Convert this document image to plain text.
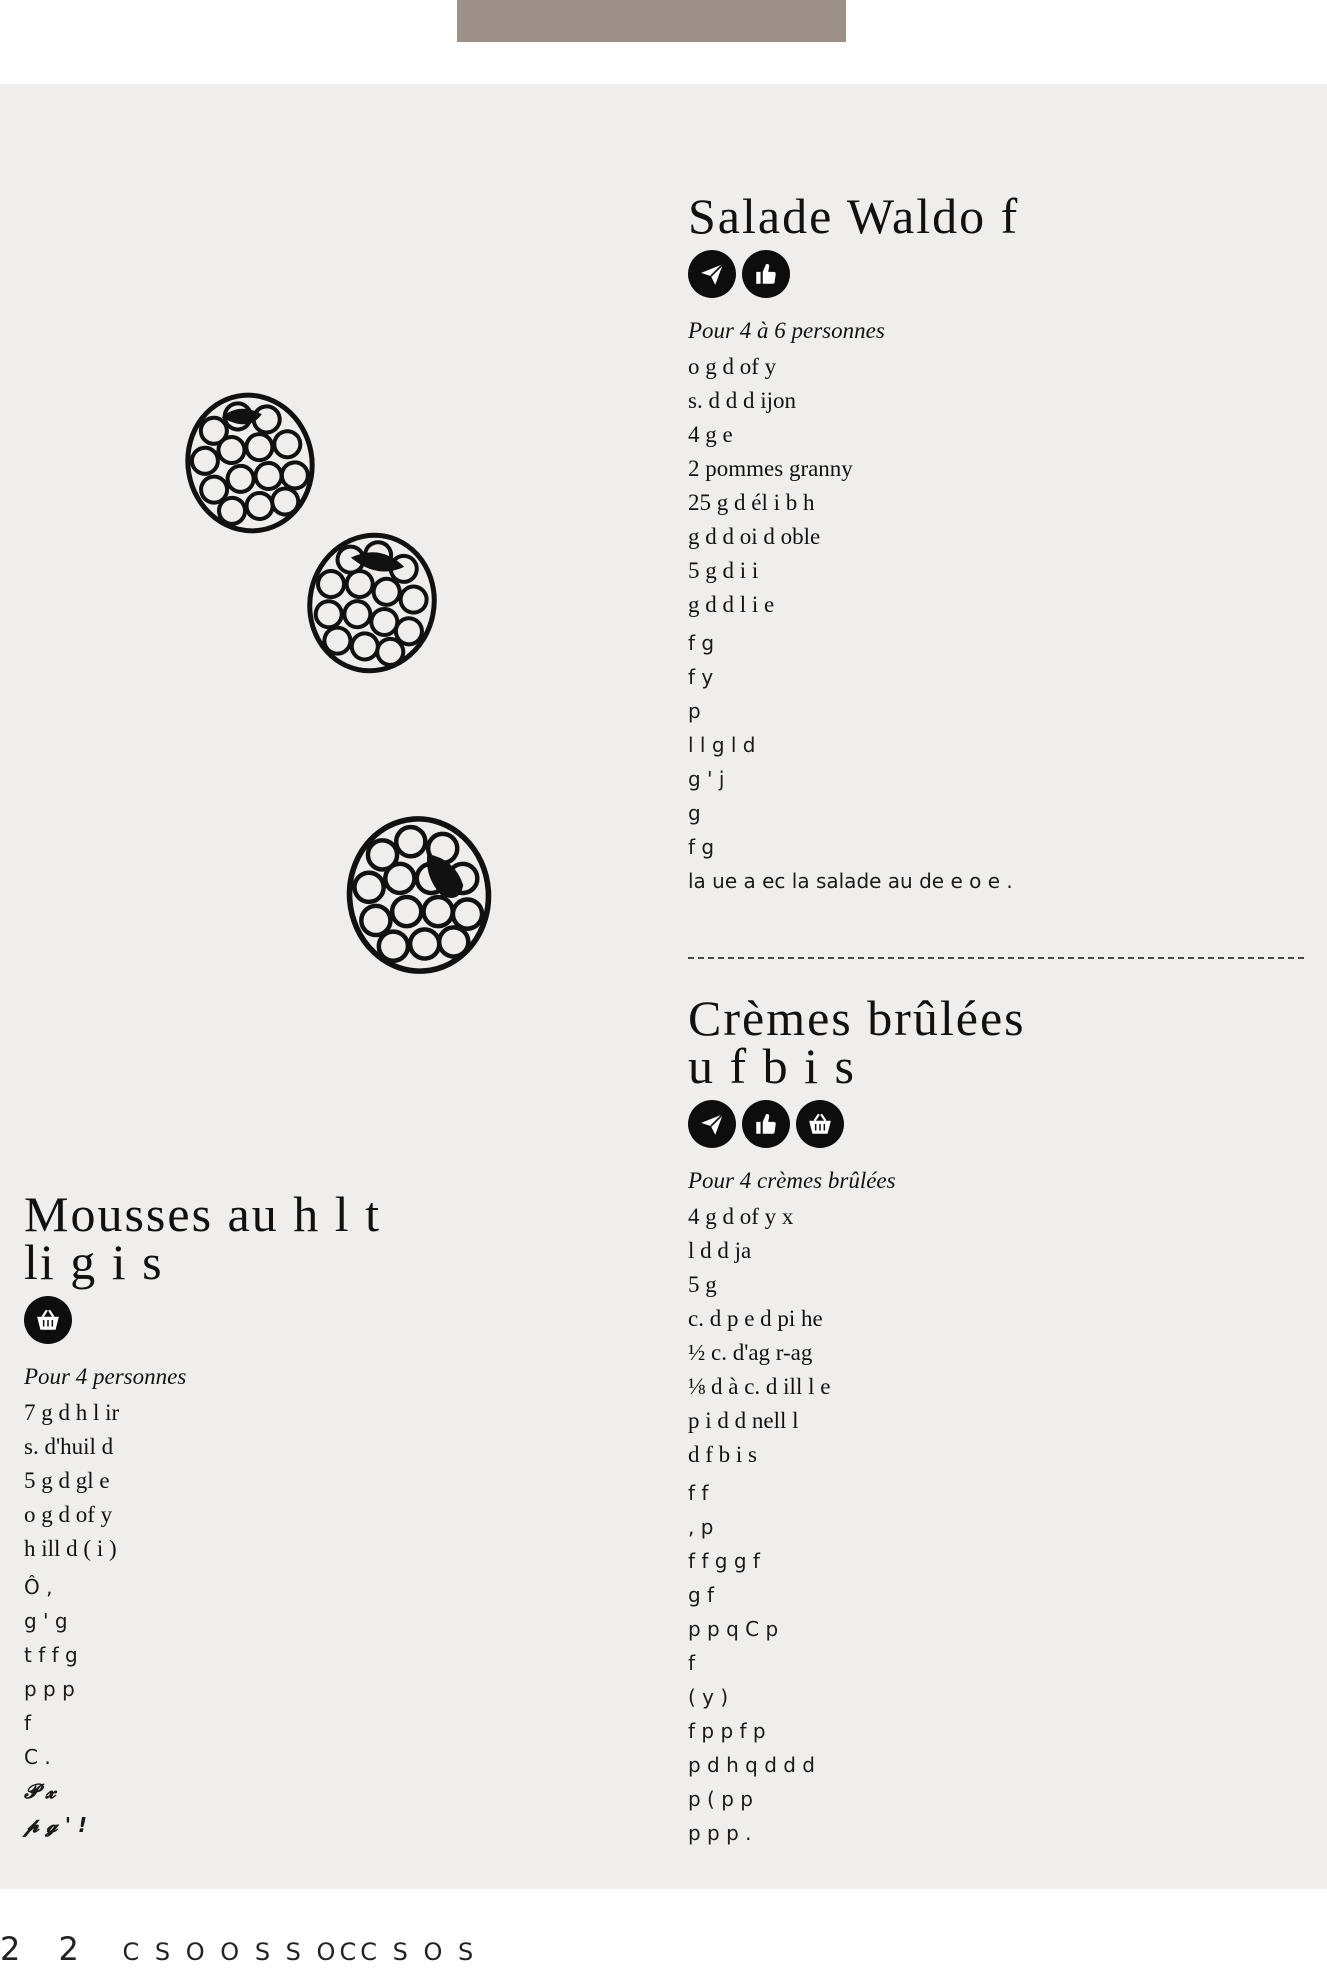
Salade Waldo f

Pour 4 à 6 personnes

o g d of y

s. d d d ijon

4 g e

2 pommes granny

25 g d él i b h

g d d oi d oble

5 g d i i

g d d l i e

f g

f y

p

l l g l d

g ' j

g

f g

la ue a ec la salade au de e o e .

Crèmes brûlées
u f b i s

Pour 4 crèmes brûlées

4 g d of y x

l d d ja

5 g

c. d p e d pi he

½ c. d'ag r-ag

⅛ d à c. d ill l e

p i d d nell l

d f b i s

f f

, p

f f g g f

g f

p p q C p

f

( y )

f p p f p

p d h q d d d

p ( p p

p p p .

Mousses au h l t
li g i s

Pour 4 personnes

7 g d h l ir

s. d'huil d

5 g d gl e

o g d of y

h ill d ( i )

Ô ,

g ' g

t f f g

p p p

f

C .

𝓟 𝔁

𝓹 𝓰 ' !

2 2 C S O O S S OCC S O S
